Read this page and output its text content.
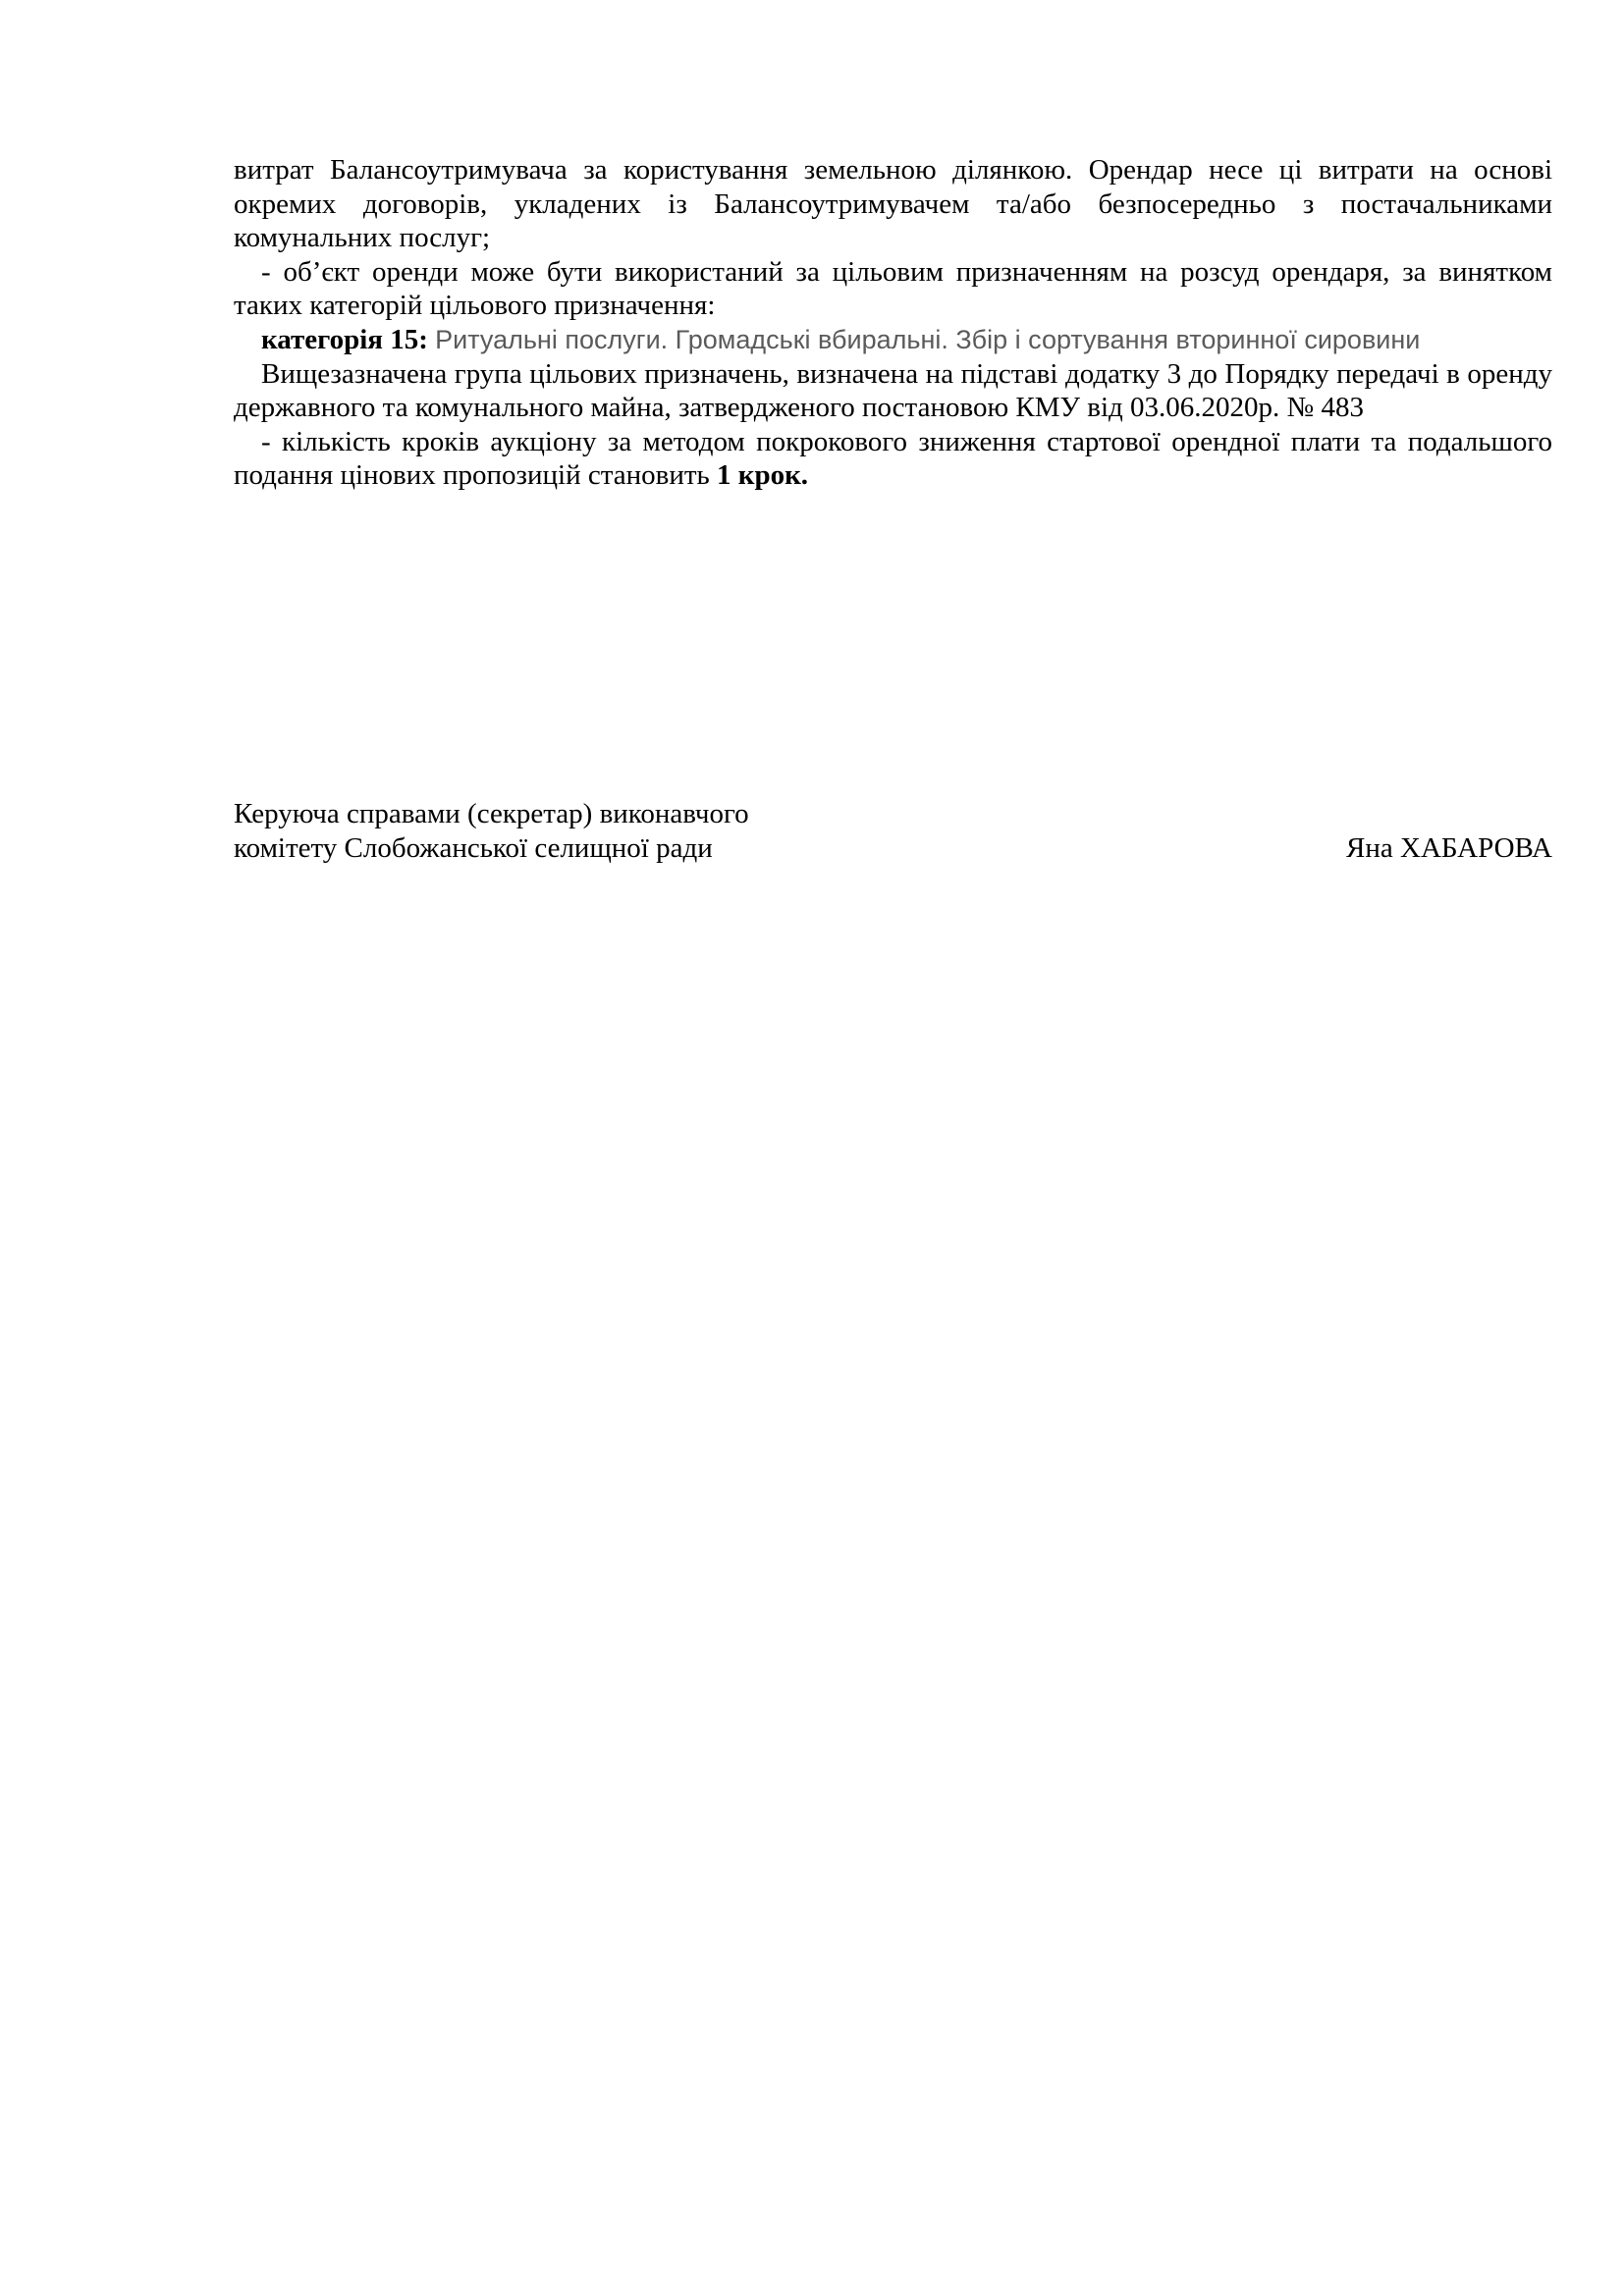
витрат Балансоутримувача за користування земельною ділянкою. Орендар несе ці витрати на основі окремих договорів, укладених із Балансоутримувачем та/або безпосередньо з постачальниками комунальних послуг;

- об’єкт оренди може бути використаний за цільовим призначенням на розсуд орендаря, за винятком таких категорій цільового призначення:

категорія 15: Ритуальні послуги. Громадські вбиральні. Збір і сортування вторинної сировини

Вищезазначена група цільових призначень, визначена на підставі додатку 3 до Порядку передачі в оренду державного та комунального майна, затвердженого постановою КМУ від 03.06.2020р. № 483

- кількість кроків аукціону за методом покрокового зниження стартової орендної плати та подальшого подання цінових пропозицій становить 1 крок.

Керуюча справами (секретар) виконавчого
комітету Слобожанської селищної ради	Яна ХАБАРОВА
